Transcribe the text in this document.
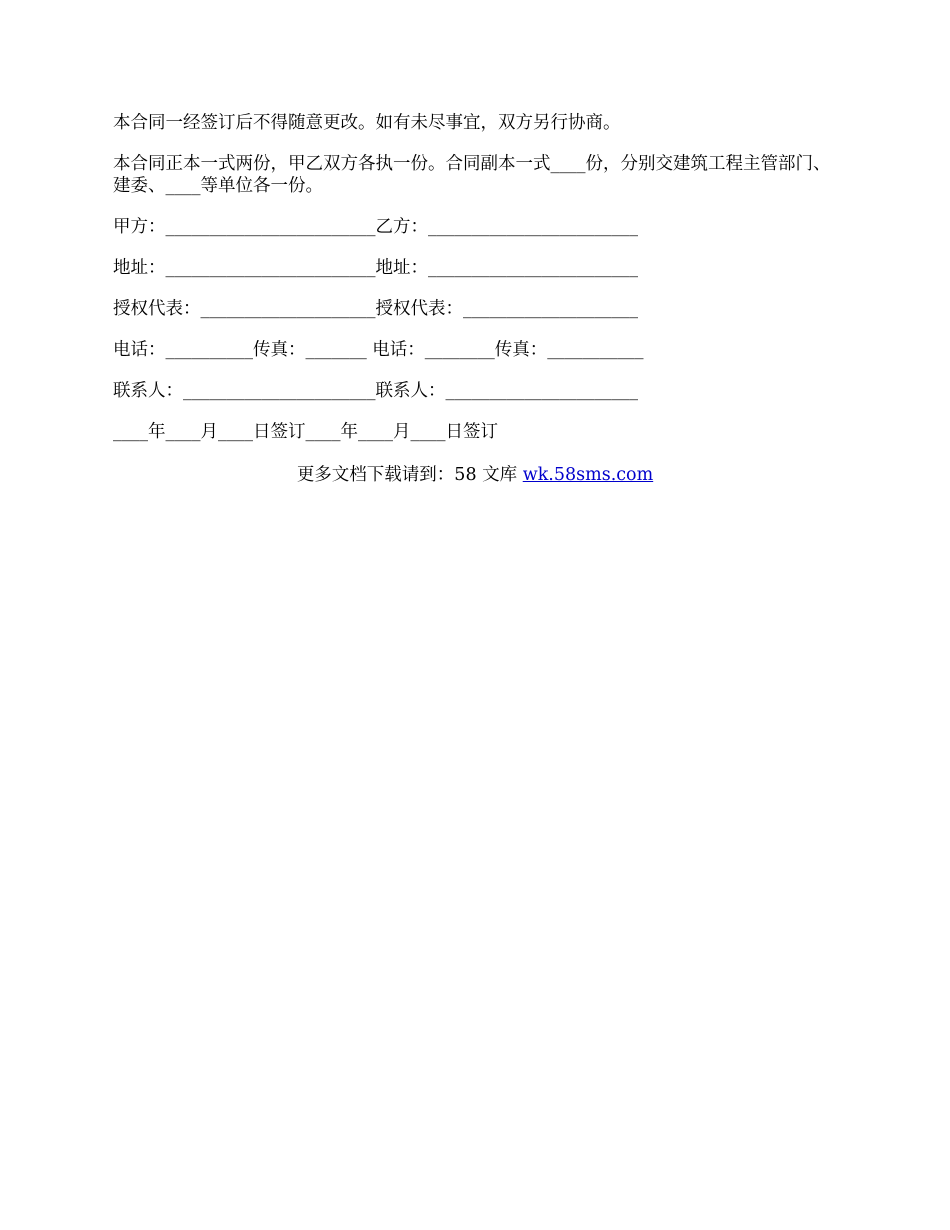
本合同一经签订后不得随意更改。如有未尽事宜，双方另行协商。

本合同正本一式两份，甲乙双方各执一份。合同副本一式____份，分别交建筑工程主管部门、建委、____等单位各一份。

甲方：________________________乙方：________________________

地址：________________________地址：________________________

授权代表：____________________授权代表：____________________

电话：__________传真：_______ 电话：________传真：___________

联系人：______________________联系人：______________________

____年____月____日签订____年____月____日签订

更多文档下载请到：58 文库 wk.58sms.com
